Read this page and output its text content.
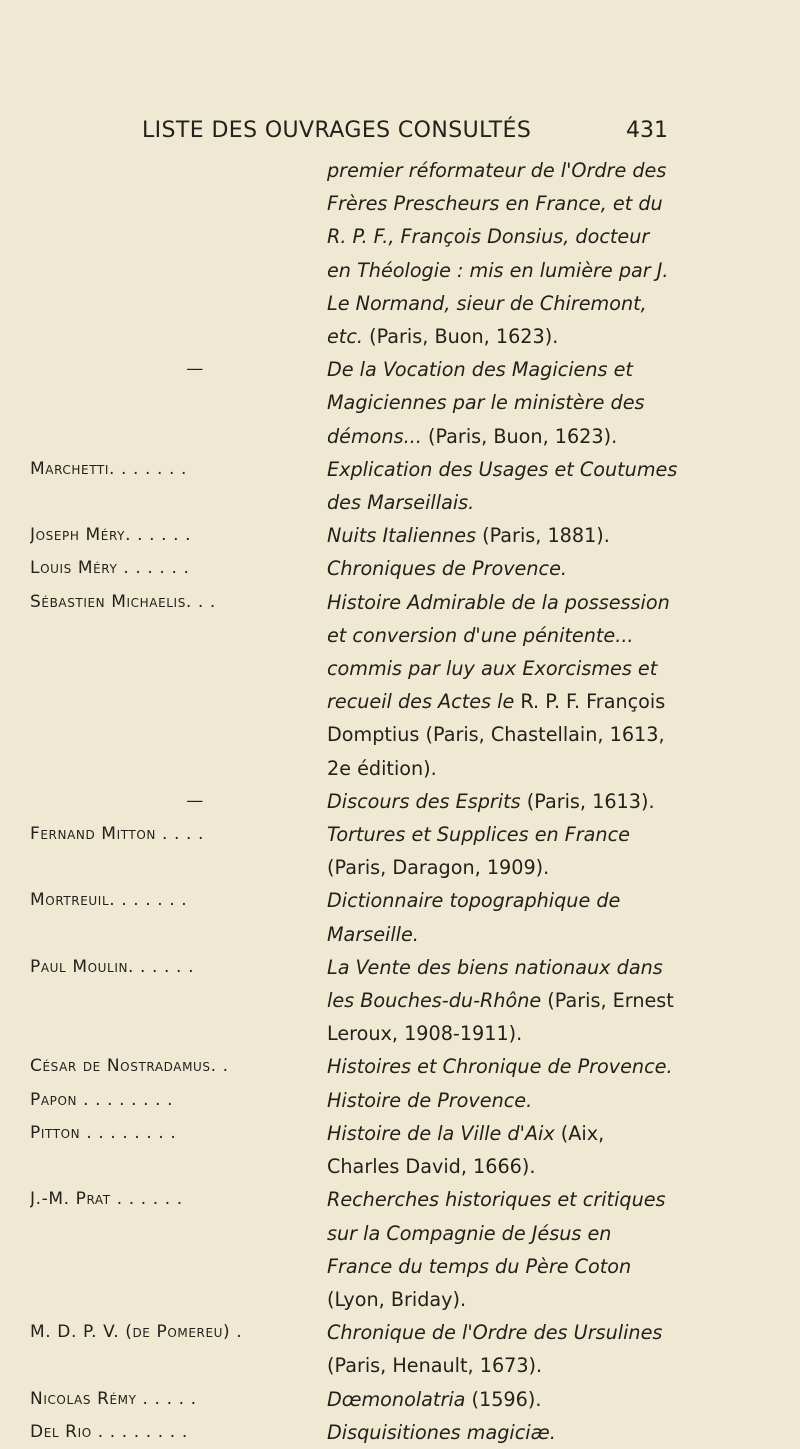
LISTE DES OUVRAGES CONSULTÉS	431
premier réformateur de l'Ordre des Frères Prescheurs en France, et du R. P. F., François Donsius, docteur en Théologie : mis en lumière par J. Le Normand, sieur de Chiremont, etc. (Paris, Buon, 1623).
—	De la Vocation des Magiciens et Magiciennes par le ministère des démons... (Paris, Buon, 1623).
Marchetti. . . . . . .	Explication des Usages et Coutumes des Marseillais.
Joseph Méry. . . . . .	Nuits Italiennes (Paris, 1881).
Louis Méry . . . . . .	Chroniques de Provence.
Sébastien Michaelis. . .	Histoire Admirable de la possession et conversion d'une pénitente... commis par luy aux Exorcismes et recueil des Actes le R. P. F. François Domptius (Paris, Chastellain, 1613, 2e édition).
—	Discours des Esprits (Paris, 1613).
Fernand Mitton . . . .	Tortures et Supplices en France (Paris, Daragon, 1909).
Mortreuil. . . . . . .	Dictionnaire topographique de Marseille.
Paul Moulin. . . . . .	La Vente des biens nationaux dans les Bouches-du-Rhône (Paris, Ernest Leroux, 1908-1911).
César de Nostradamus. .	Histoires et Chronique de Provence.
Papon . . . . . . . .	Histoire de Provence.
Pitton . . . . . . . .	Histoire de la Ville d'Aix (Aix, Charles David, 1666).
J.-M. Prat . . . . . .	Recherches historiques et critiques sur la Compagnie de Jésus en France du temps du Père Coton (Lyon, Briday).
M. D. P. V. (de Pomereu) .	Chronique de l'Ordre des Ursulines (Paris, Henault, 1673).
Nicolas Rémy . . . . .	Dœmonolatria (1596).
Del Rio . . . . . . . .	Disquisitiones magiciæ.
